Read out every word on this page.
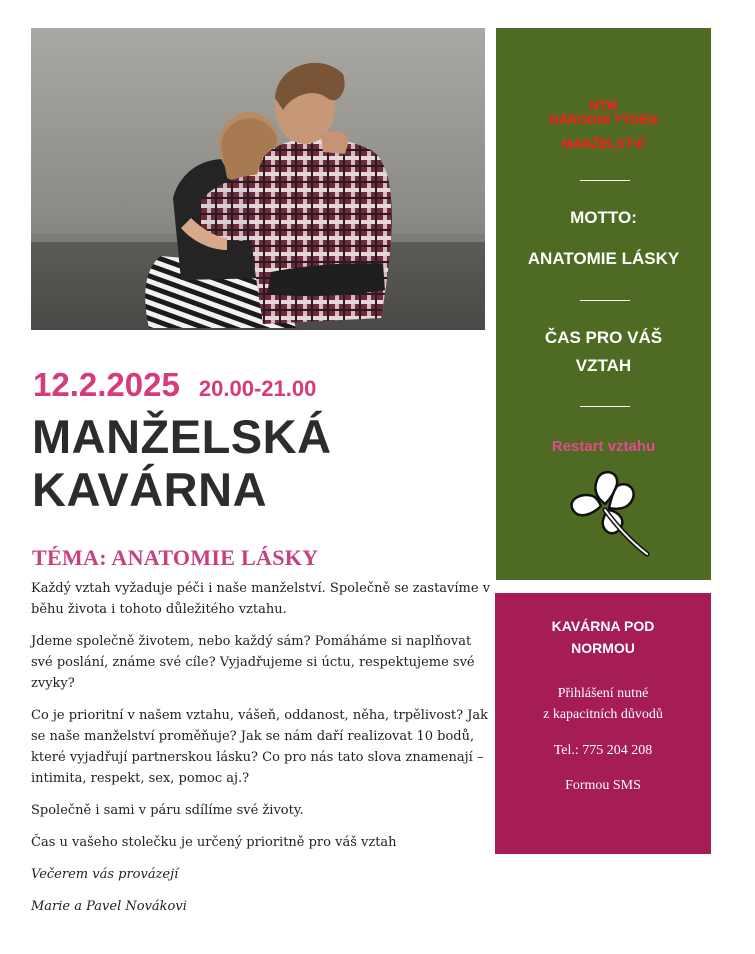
12.2.2025 20.00-21.00
MANŽELSKÁ
KAVÁRNA
TÉMA: ANATOMIE LÁSKY

Každý vztah vyžaduje péči i naše manželství. Společně se zastavíme v běhu života i tohoto důležitého vztahu.

Jdeme společně životem, nebo každý sám? Pomáháme si naplňovat své poslání, známe své cíle? Vyjadřujeme si úctu, respektujeme své zvyky?

Co je prioritní v našem vztahu, vášeň, oddanost, něha, trpělivost? Jak se naše manželství proměňuje? Jak se nám daří realizovat 10 bodů, které vyjadřují partnerskou lásku? Co pro nás tato slova znamenají – intimita, respekt, sex, pomoc aj.?

Společně i sami v páru sdílíme své životy.

Čas u vašeho stolečku je určený prioritně pro váš vztah

Večerem vás provázejí

Marie a Pavel Novákovi

NTM
NÁRODNÍ TÝDEN
MANŽELSTVÍ
MOTTO:
ANATOMIE LÁSKY
ČAS PRO VÁŠ
VZTAH
Restart vztahu
KAVÁRNA POD
NORMOU
Přihlášení nutné
z kapacitních důvodů
Tel.: 775 204 208
Formou SMS
